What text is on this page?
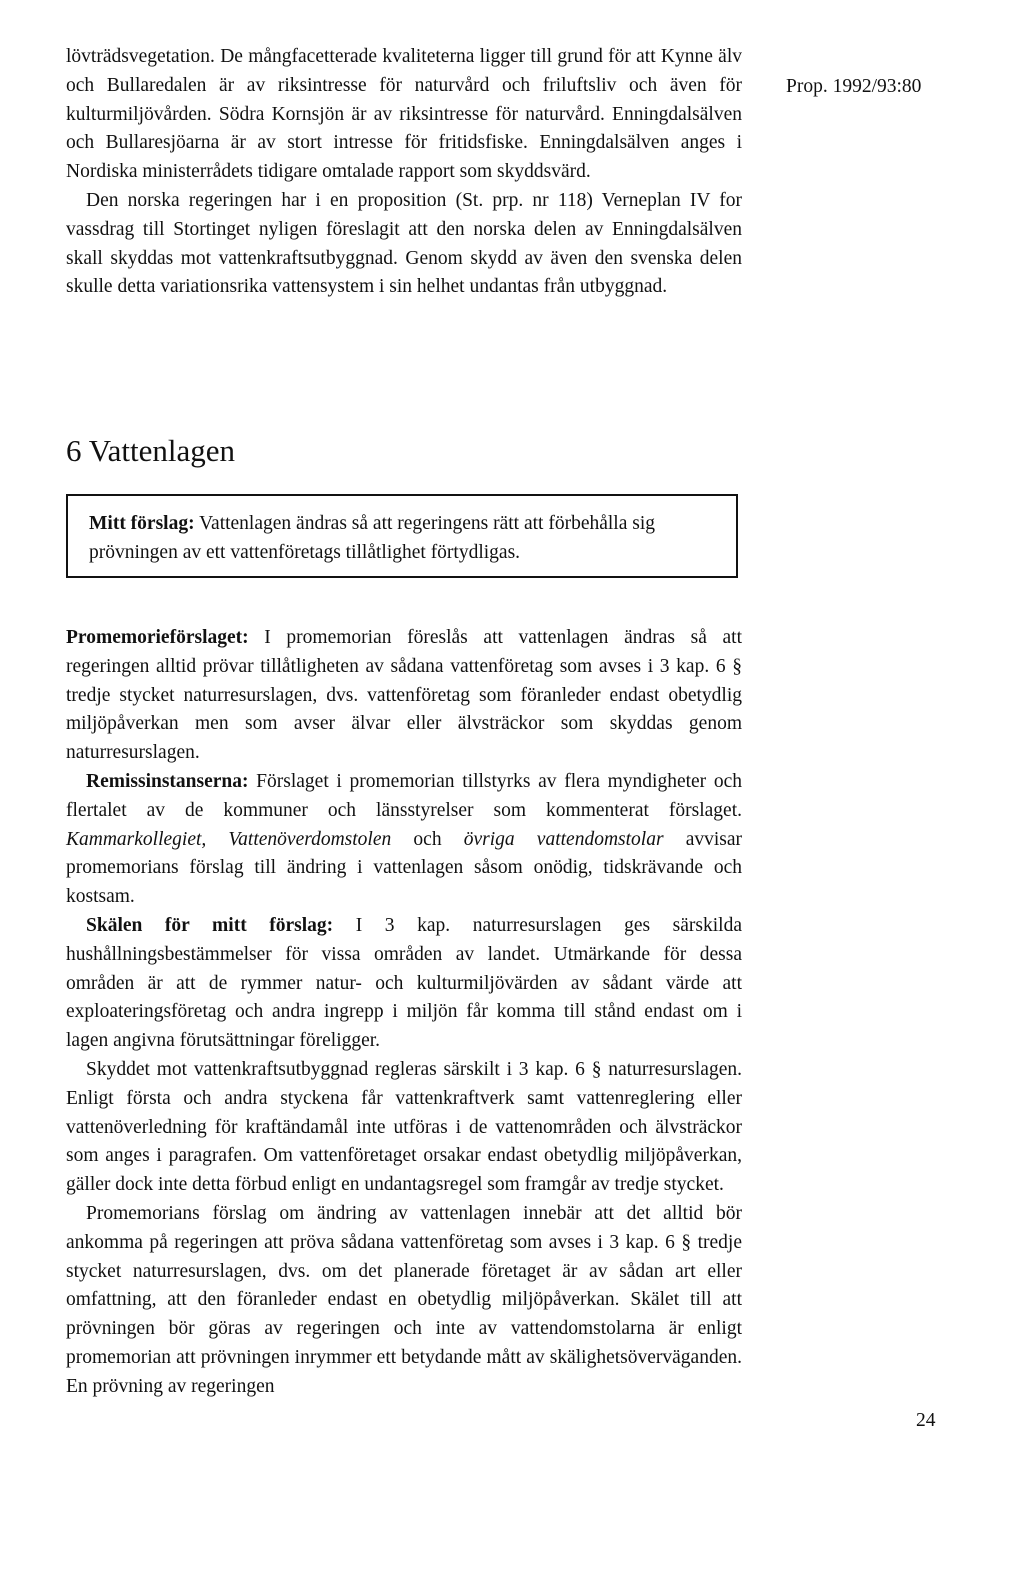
Prop. 1992/93:80

lövträdsvegetation. De mångfacetterade kvaliteterna ligger till grund för att Kynne älv och Bullaredalen är av riksintresse för naturvård och friluftsliv och även för kulturmiljövården. Södra Kornsjön är av riksintresse för naturvård. Enningdalsälven och Bullaresjöarna är av stort intresse för fritidsfiske. Enningdalsälven anges i Nordiska ministerrådets tidigare omtalade rapport som skyddsvärd.

Den norska regeringen har i en proposition (St. prp. nr 118) Verneplan IV for vassdrag till Stortinget nyligen föreslagit att den norska delen av Enningdalsälven skall skyddas mot vattenkraftsutbyggnad. Genom skydd av även den svenska delen skulle detta variationsrika vattensystem i sin helhet undantas från utbyggnad.

6 Vattenlagen
Mitt förslag: Vattenlagen ändras så att regeringens rätt att förbehålla sig prövningen av ett vattenföretags tillåtlighet förtydligas.

Promemorieförslaget: I promemorian föreslås att vattenlagen ändras så att regeringen alltid prövar tillåtligheten av sådana vattenföretag som avses i 3 kap. 6 § tredje stycket naturresurslagen, dvs. vattenföretag som föranleder endast obetydlig miljöpåverkan men som avser älvar eller älvsträckor som skyddas genom naturresurslagen.

Remissinstanserna: Förslaget i promemorian tillstyrks av flera myndigheter och flertalet av de kommuner och länsstyrelser som kommenterat förslaget. Kammarkollegiet, Vattenöverdomstolen och övriga vattendomstolar avvisar promemorians förslag till ändring i vattenlagen såsom onödig, tidskrävande och kostsam.

Skälen för mitt förslag: I 3 kap. naturresurslagen ges särskilda hushållningsbestämmelser för vissa områden av landet. Utmärkande för dessa områden är att de rymmer natur- och kulturmiljövärden av sådant värde att exploateringsföretag och andra ingrepp i miljön får komma till stånd endast om i lagen angivna förutsättningar föreligger.

Skyddet mot vattenkraftsutbyggnad regleras särskilt i 3 kap. 6 § naturresurslagen. Enligt första och andra styckena får vattenkraftverk samt vattenreglering eller vattenöverledning för kraftändamål inte utföras i de vattenområden och älvsträckor som anges i paragrafen. Om vattenföretaget orsakar endast obetydlig miljöpåverkan, gäller dock inte detta förbud enligt en undantagsregel som framgår av tredje stycket.

Promemorians förslag om ändring av vattenlagen innebär att det alltid bör ankomma på regeringen att pröva sådana vattenföretag som avses i 3 kap. 6 § tredje stycket naturresurslagen, dvs. om det planerade företaget är av sådan art eller omfattning, att den föranleder endast en obetydlig miljöpåverkan. Skälet till att prövningen bör göras av regeringen och inte av vattendomstolarna är enligt promemorian att prövningen inrymmer ett betydande mått av skälighetsöverväganden. En prövning av regeringen

24
